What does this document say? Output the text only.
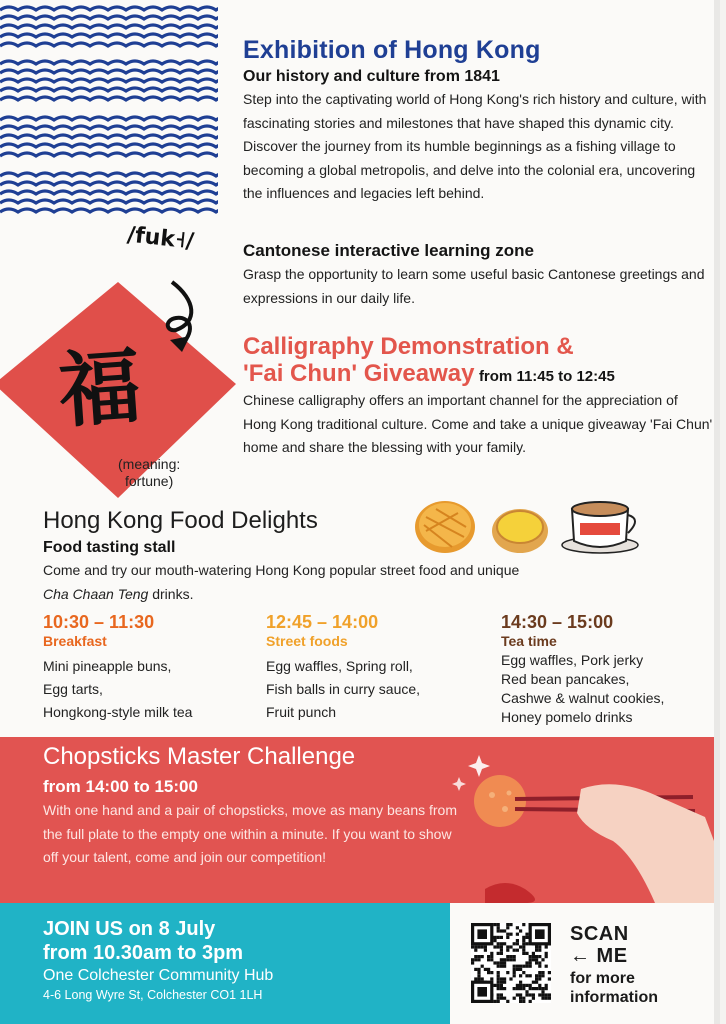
Exhibition of Hong Kong
Our history and culture from 1841
Step into the captivating world of Hong Kong's rich history and culture, with fascinating stories and milestones that have shaped this dynamic city. Discover the journey from its humble beginnings as a fishing village to becoming a global metropolis, and delve into the colonial era, uncovering the influences and legacies left behind.
/fuk˧/
福
(meaning:
fortune)
Cantonese interactive learning zone
Grasp the opportunity to learn some useful basic Cantonese greetings and expressions in our daily life.
Calligraphy Demonstration &
'Fai Chun' Giveaway from 11:45 to 12:45
Chinese calligraphy offers an important channel for the appreciation of Hong Kong traditional culture. Come and take a unique giveaway 'Fai Chun' home and share the blessing with your family.
Hong Kong Food Delights
Food tasting stall
Come and try our mouth-watering Hong Kong popular street food and unique
Cha Chaan Teng drinks.
10:30 – 11:30
Breakfast
Mini pineapple buns,
Egg tarts,
Hongkong-style milk tea
12:45 – 14:00
Street foods
Egg waffles, Spring roll,
Fish balls in curry sauce,
Fruit punch
14:30 – 15:00
Tea time
Egg waffles, Pork jerky
Red bean pancakes,
Cashwe & walnut cookies,
Honey pomelo drinks
Chopsticks Master Challenge
from 14:00 to 15:00
With one hand and a pair of chopsticks, move as many beans from the full plate to the empty one within a minute. If you want to show off your talent, come and join our competition!
JOIN US on 8 July
from 10.30am to 3pm
One Colchester Community Hub
4-6 Long Wyre St, Colchester CO1 1LH
SCAN
← ME
for more
information
